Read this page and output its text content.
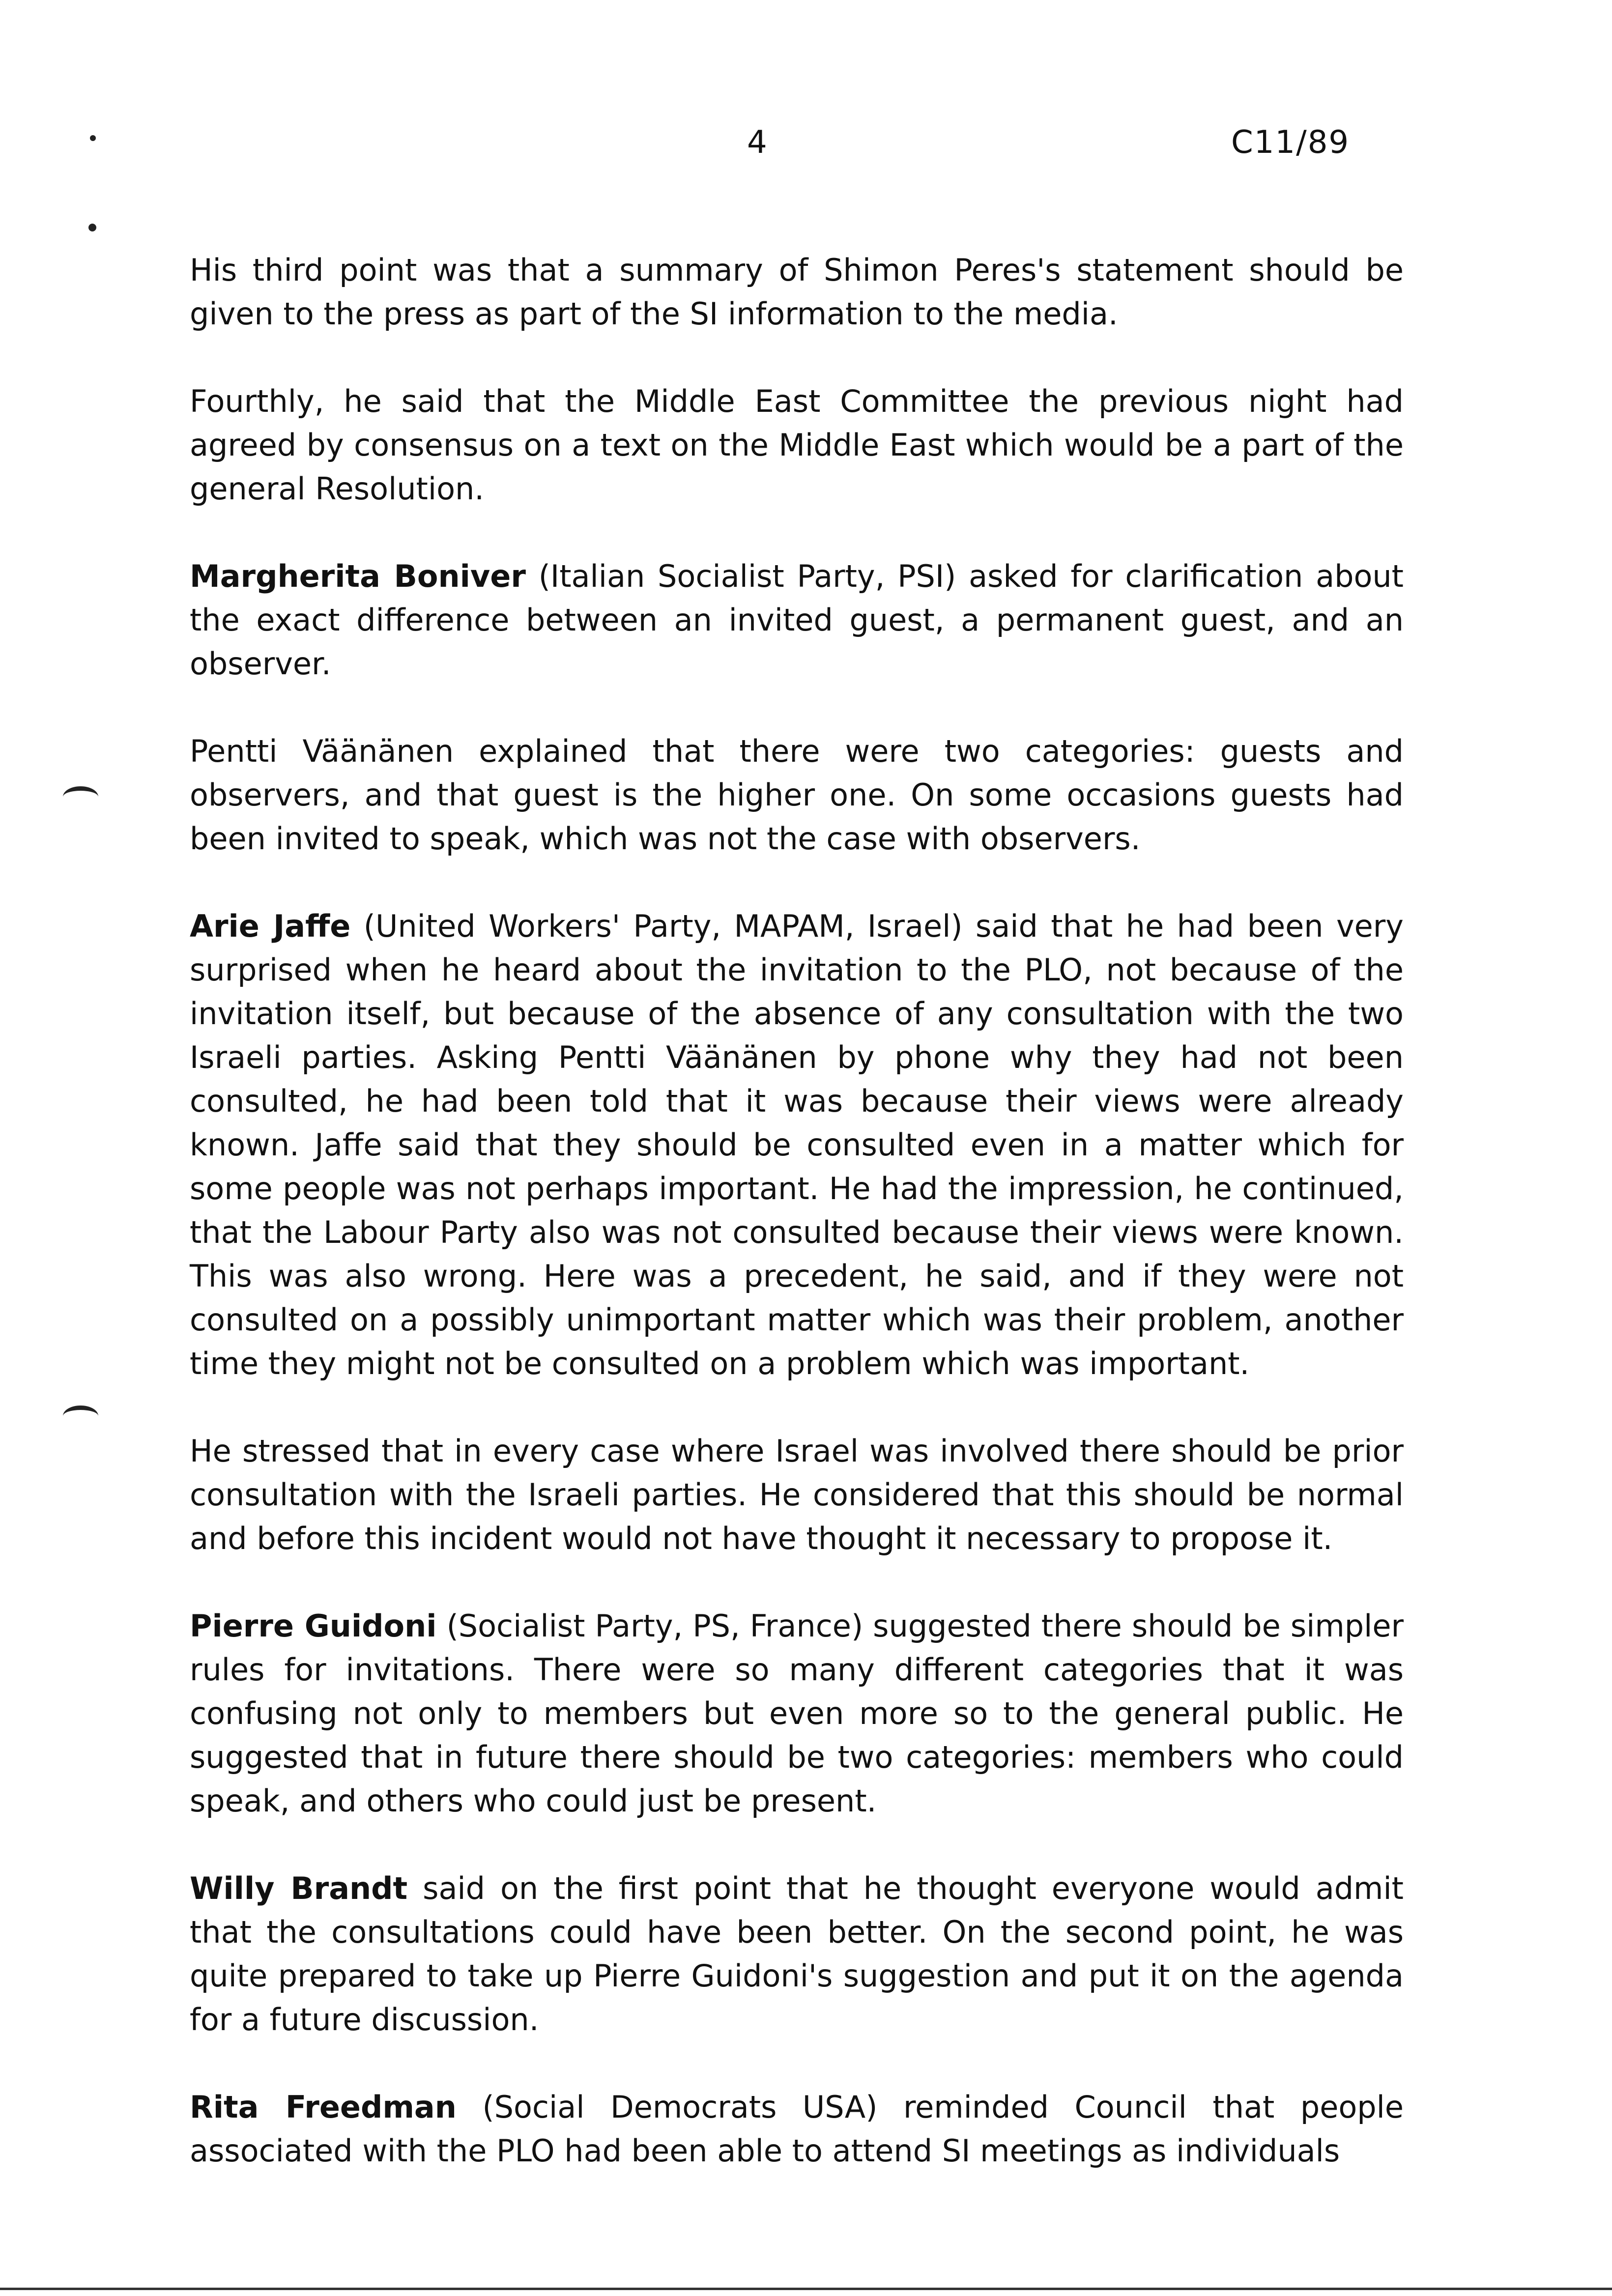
4	C11/89

His third point was that a summary of Shimon Peres's statement should be given to the press as part of the SI information to the media.

Fourthly, he said that the Middle East Committee the previous night had agreed by consensus on a text on the Middle East which would be a part of the general Resolution.

Margherita Boniver (Italian Socialist Party, PSI) asked for clarification about the exact difference between an invited guest, a permanent guest, and an observer.

Pentti Väänänen explained that there were two categories: guests and observers, and that guest is the higher one. On some occasions guests had been invited to speak, which was not the case with observers.

Arie Jaffe (United Workers' Party, MAPAM, Israel) said that he had been very surprised when he heard about the invitation to the PLO, not because of the invitation itself, but because of the absence of any consultation with the two Israeli parties. Asking Pentti Väänänen by phone why they had not been consulted, he had been told that it was because their views were already known. Jaffe said that they should be consulted even in a matter which for some people was not perhaps important. He had the impression, he continued, that the Labour Party also was not consulted because their views were known. This was also wrong. Here was a precedent, he said, and if they were not consulted on a possibly unimportant matter which was their problem, another time they might not be consulted on a problem which was important.

He stressed that in every case where Israel was involved there should be prior consultation with the Israeli parties. He considered that this should be normal and before this incident would not have thought it necessary to propose it.

Pierre Guidoni (Socialist Party, PS, France) suggested there should be simpler rules for invitations. There were so many different categories that it was confusing not only to members but even more so to the general public. He suggested that in future there should be two categories: members who could speak, and others who could just be present.

Willy Brandt said on the first point that he thought everyone would admit that the consultations could have been better. On the second point, he was quite prepared to take up Pierre Guidoni's suggestion and put it on the agenda for a future discussion.

Rita Freedman (Social Democrats USA) reminded Council that people associated with the PLO had been able to attend SI meetings as individuals
